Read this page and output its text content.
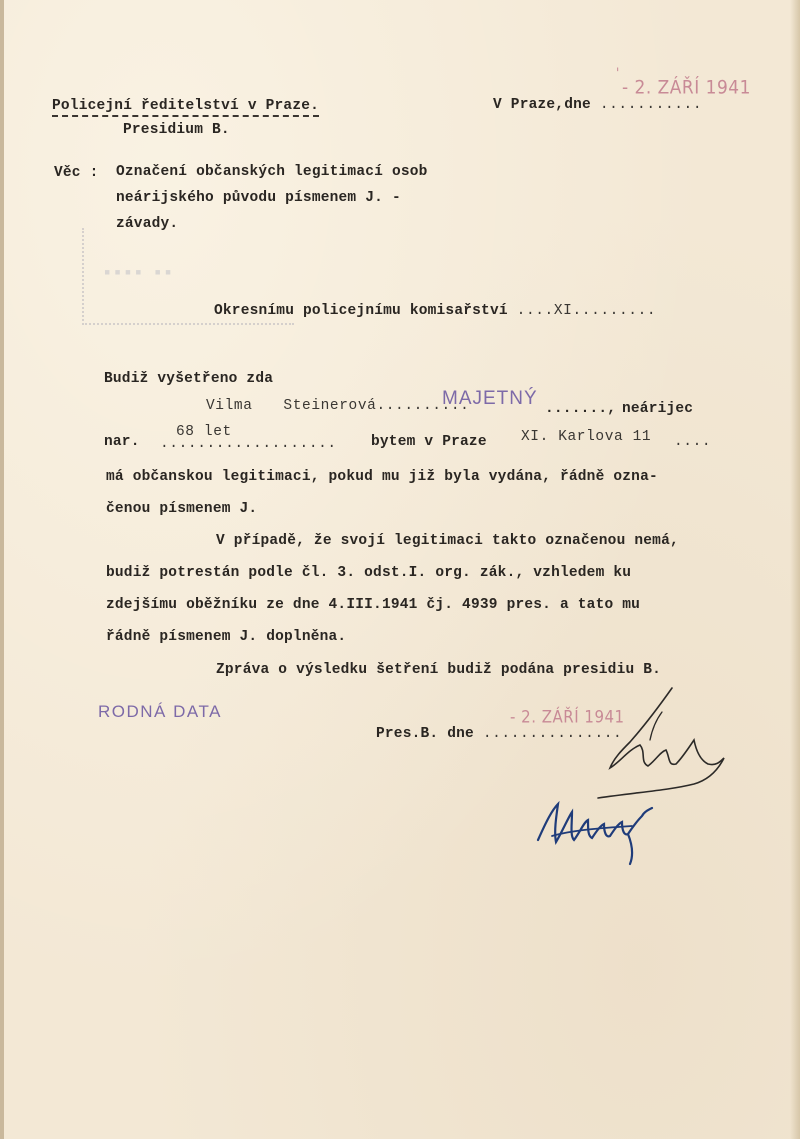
Policejní ředitelství v Praze.
Presidium B.
V Praze,dne ...........
- 2. ZÁŘÍ 1941
'
Věc : Označení občanských legitimací osob
neárijského původu písmenem J. -
závady.
▪▪▪▪ ▪▪
Okresnímu policejnímu komisařství ....XI.........
Budiž vyšetřeno zda
Vilma Steinerová..........
MAJETNÝ ......., neárijec
nar.
68 let
................... bytem v Praze XI. Karlova 11 ....
má občanskou legitimaci, pokud mu již byla vydána, řádně ozna-
čenou písmenem J.
V případě, že svojí legitimaci takto označenou nemá,
budiž potrestán podle čl. 3. odst.I. org. zák., vzhledem ku
zdejšímu oběžníku ze dne 4.III.1941 čj. 4939 pres. a tato mu
řádně písmenem J. doplněna.
Zpráva o výsledku šetření budiž podána presidiu B.
RODNÁ DATA	- 2. ZÁŘÍ 1941
Pres.B. dne ...............
